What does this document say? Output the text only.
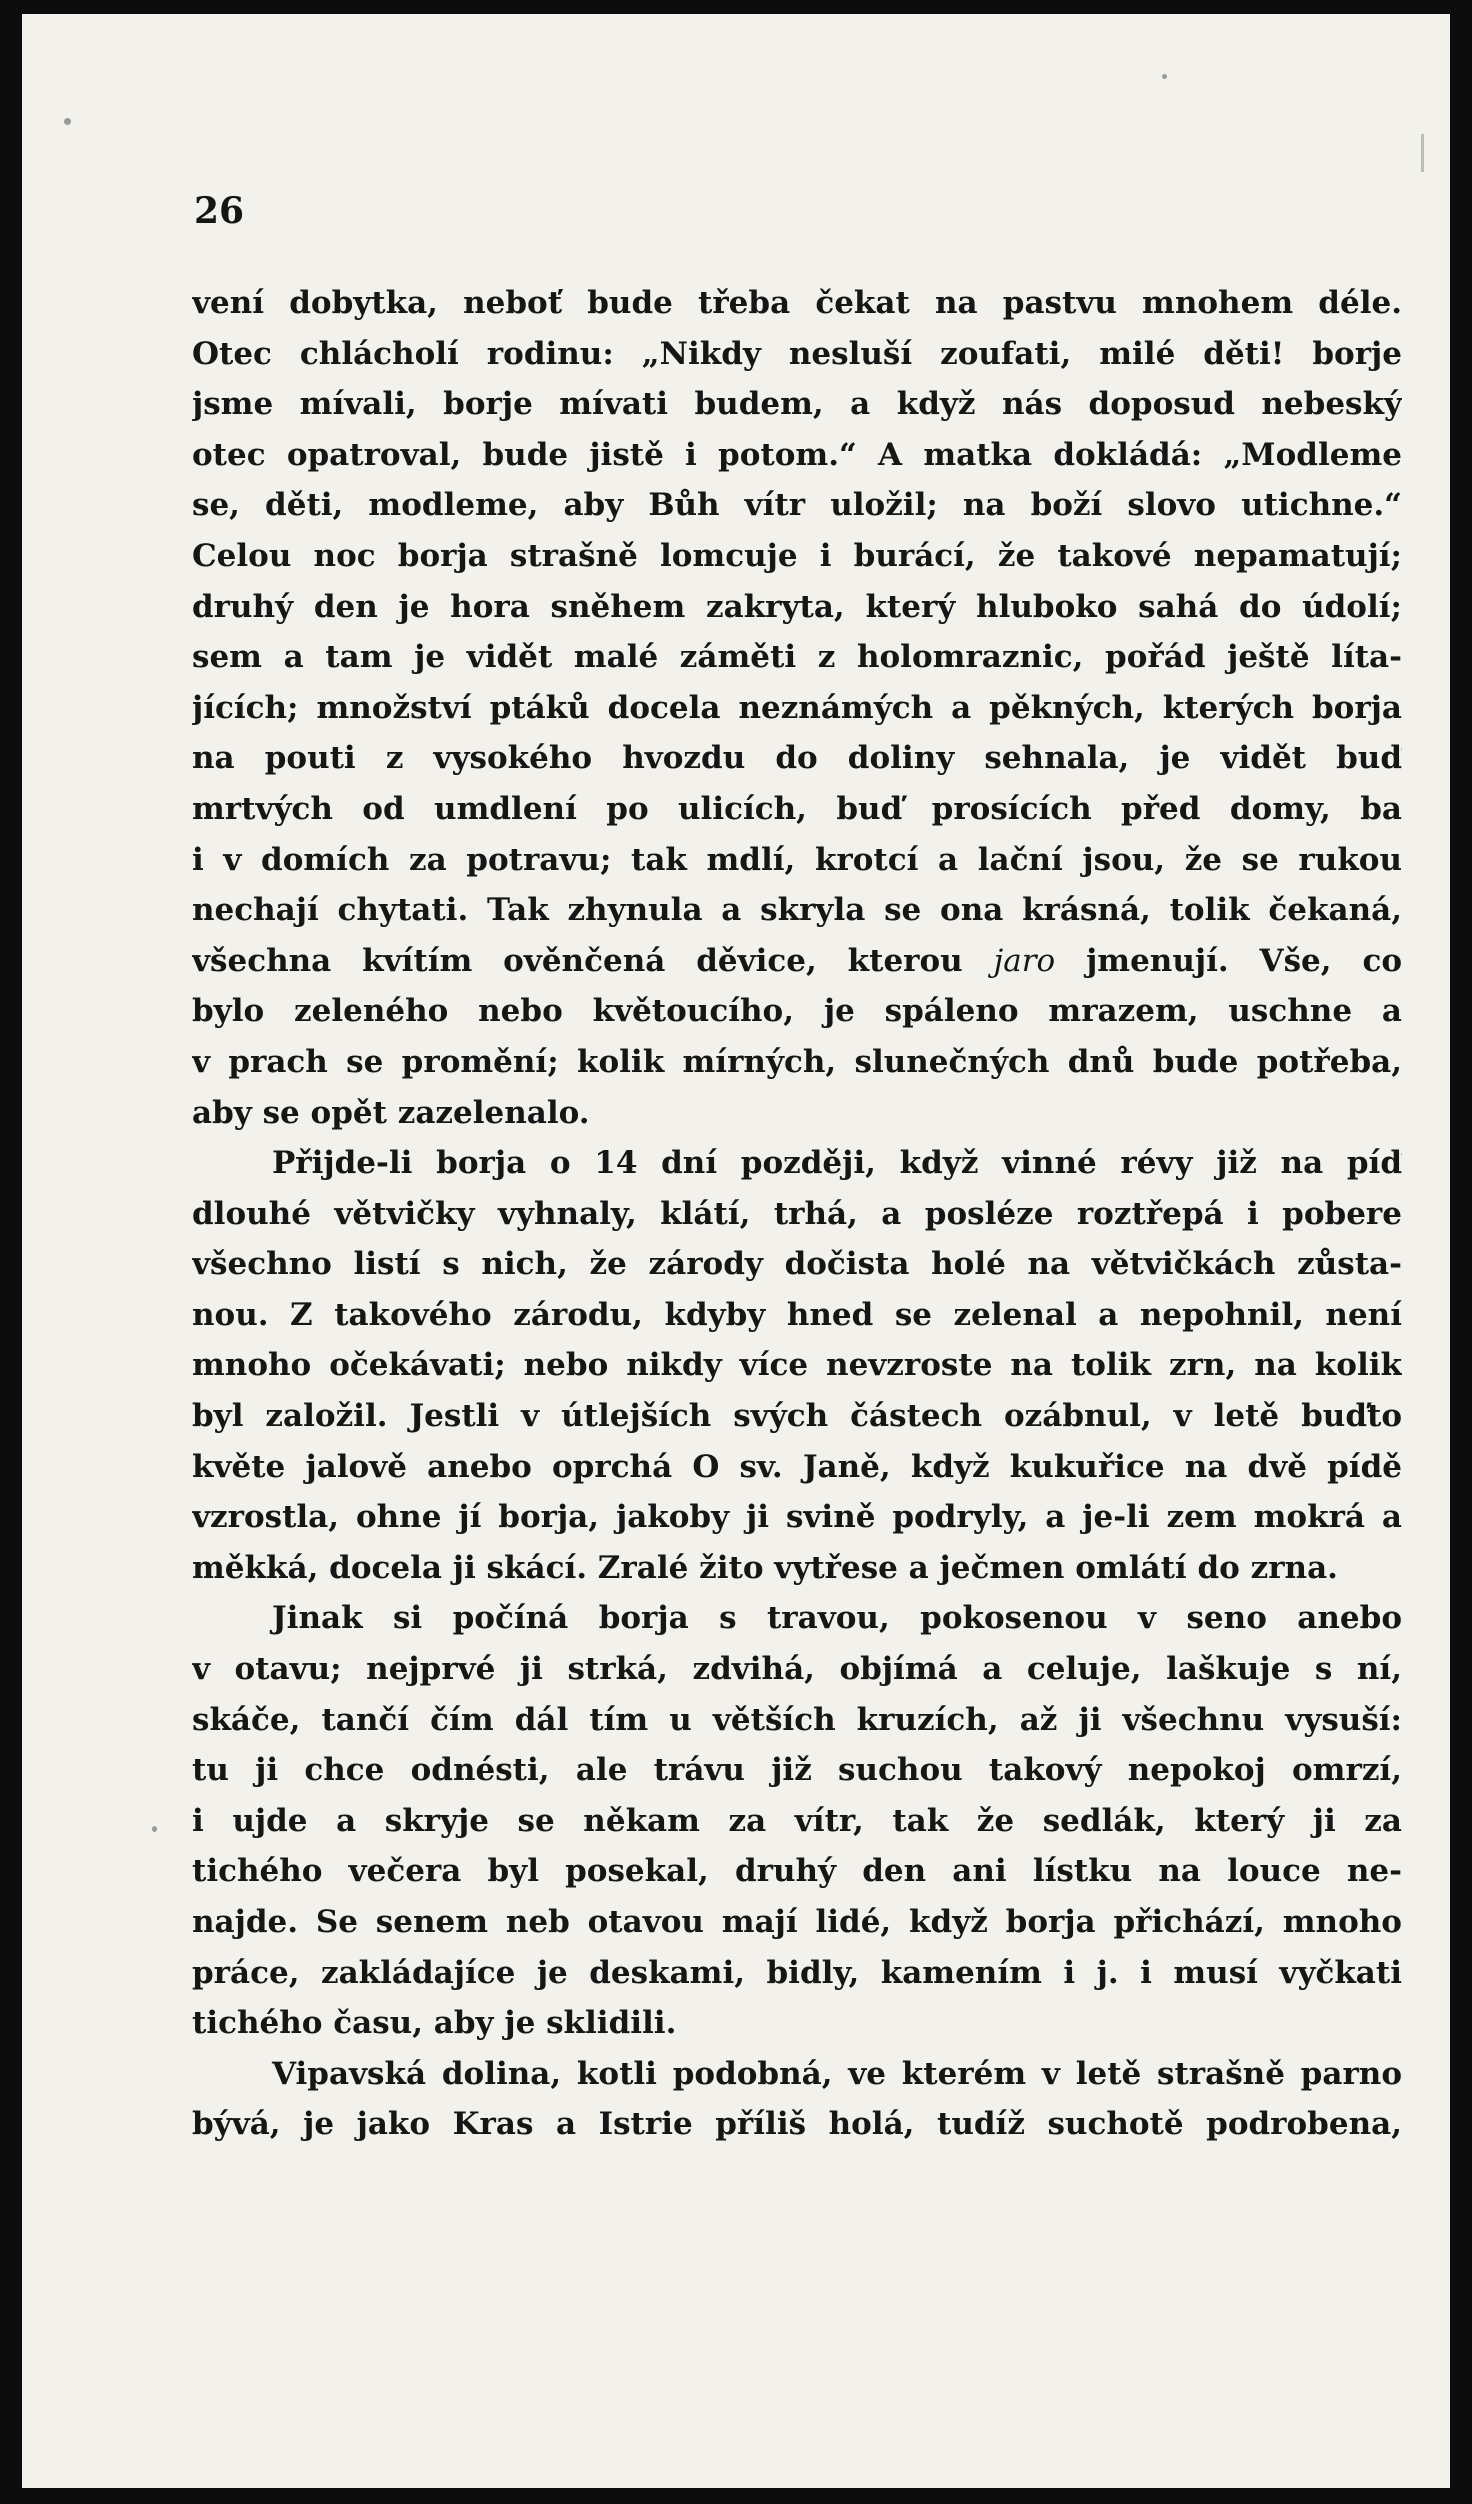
26
vení dobytka, neboť bude třeba čekat na pastvu mnohem déle.
Otec chlácholí rodinu: „Nikdy nesluší zoufati, milé děti! borje
jsme mívali, borje mívati budem, a když nás doposud nebeský
otec opatroval, bude jistě i potom.“ A matka dokládá: „Modleme
se, děti, modleme, aby Bůh vítr uložil; na boží slovo utichne.“
Celou noc borja strašně lomcuje i burácí, že takové nepamatují;
druhý den je hora sněhem zakryta, který hluboko sahá do údolí;
sem a tam je vidět malé záměti z holomraznic, pořád ještě líta-
jících; množství ptáků docela neznámých a pěkných, kterých borja
na pouti z vysokého hvozdu do doliny sehnala, je vidět buď
mrtvých od umdlení po ulicích, buď prosících před domy, ba
i v domích za potravu; tak mdlí, krotcí a lační jsou, že se rukou
nechají chytati. Tak zhynula a skryla se ona krásná, tolik čekaná,
všechna kvítím ověnčená děvice, kterou jaro jmenují. Vše, co
bylo zeleného nebo květoucího, je spáleno mrazem, uschne a
v prach se promění; kolik mírných, slunečných dnů bude potřeba,
aby se opět zazelenalo.
Přijde-li borja o 14 dní později, když vinné révy již na píď
dlouhé větvičky vyhnaly, klátí, trhá, a posléze roztřepá i pobere
všechno listí s nich, že zárody dočista holé na větvičkách zůsta-
nou. Z takového zárodu, kdyby hned se zelenal a nepohnil, není
mnoho očekávati; nebo nikdy více nevzroste na tolik zrn, na kolik
byl založil. Jestli v útlejších svých částech ozábnul, v letě buďto
květe jalově anebo oprchá O sv. Janě, když kukuřice na dvě pídě
vzrostla, ohne jí borja, jakoby ji svině podryly, a je-li zem mokrá a
měkká, docela ji skácí. Zralé žito vytřese a ječmen omlátí do zrna.
Jinak si počíná borja s travou, pokosenou v seno anebo
v otavu; nejprvé ji strká, zdvihá, objímá a celuje, laškuje s ní,
skáče, tančí čím dál tím u větších kruzích, až ji všechnu vysuší:
tu ji chce odnésti, ale trávu již suchou takový nepokoj omrzí,
i ujde a skryje se někam za vítr, tak že sedlák, který ji za
tichého večera byl posekal, druhý den ani lístku na louce ne-
najde. Se senem neb otavou mají lidé, když borja přichází, mnoho
práce, zakládajíce je deskami, bidly, kamením i j. i musí vyčkati
tichého času, aby je sklidili.
Vipavská dolina, kotli podobná, ve kterém v letě strašně parno
bývá, je jako Kras a Istrie příliš holá, tudíž suchotě podrobena,
